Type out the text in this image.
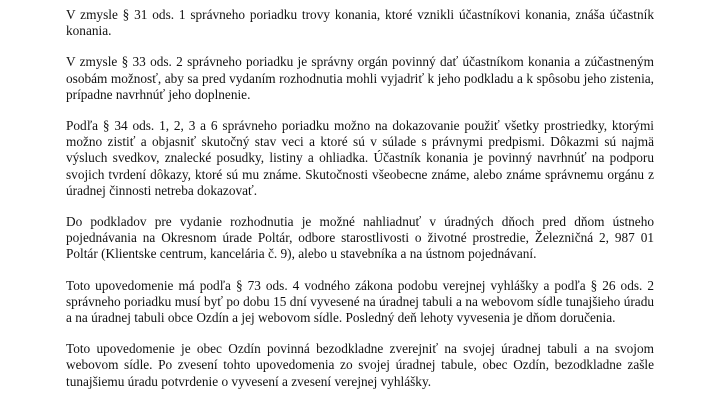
V zmysle § 31 ods. 1 správneho poriadku trovy konania, ktoré vznikli účastníkovi konania, znáša účastník konania.

V zmysle § 33 ods. 2 správneho poriadku je správny orgán povinný dať účastníkom konania a zúčastneným osobám možnosť, aby sa pred vydaním rozhodnutia mohli vyjadriť k jeho podkladu a k spôsobu jeho zistenia, prípadne navrhnúť jeho doplnenie.

Podľa § 34 ods. 1, 2, 3 a 6 správneho poriadku možno na dokazovanie použiť všetky prostriedky, ktorými možno zistiť a objasniť skutočný stav veci a ktoré sú v súlade s právnymi predpismi. Dôkazmi sú najmä výsluch svedkov, znalecké posudky, listiny a ohliadka. Účastník konania je povinný navrhnúť na podporu svojich tvrdení dôkazy, ktoré sú mu známe. Skutočnosti všeobecne známe, alebo známe správnemu orgánu z úradnej činnosti netreba dokazovať.

Do podkladov pre vydanie rozhodnutia je možné nahliadnuť v úradných dňoch pred dňom ústneho pojednávania na Okresnom úrade Poltár, odbore starostlivosti o životné prostredie, Železničná 2, 987 01 Poltár (Klientske centrum, kancelária č. 9), alebo u stavebníka a na ústnom pojednávaní.

Toto upovedomenie má podľa § 73 ods. 4 vodného zákona podobu verejnej vyhlášky a podľa § 26 ods. 2 správneho poriadku musí byť po dobu 15 dní vyvesené na úradnej tabuli a na webovom sídle tunajšieho úradu a na úradnej tabuli obce Ozdín a jej webovom sídle. Posledný deň lehoty vyvesenia je dňom doručenia.

Toto upovedomenie je obec Ozdín povinná bezodkladne zverejniť na svojej úradnej tabuli a na svojom webovom sídle. Po zvesení tohto upovedomenia zo svojej úradnej tabule, obec Ozdín, bezodkladne zašle tunajšiemu úradu potvrdenie o vyvesení a zvesení verejnej vyhlášky.
